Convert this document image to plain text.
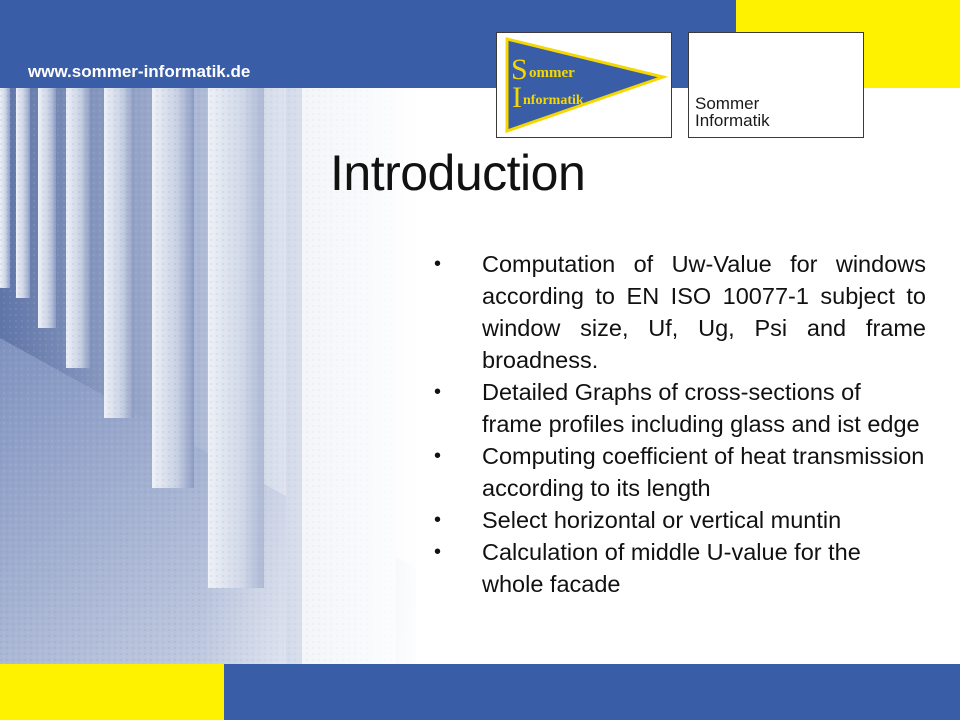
www.sommer-informatik.de	S ommer
I nformatik	Sommer
Informatik
Introduction
• Computation of Uw-Value for windows according to EN ISO 10077-1 subject to window size, Uf, Ug, Psi and frame broadness.
• Detailed Graphs of cross-sections of frame profiles including glass and ist edge
• Computing coefficient of heat transmission according to its length
• Select horizontal or vertical muntin
• Calculation of middle U-value for the whole facade
